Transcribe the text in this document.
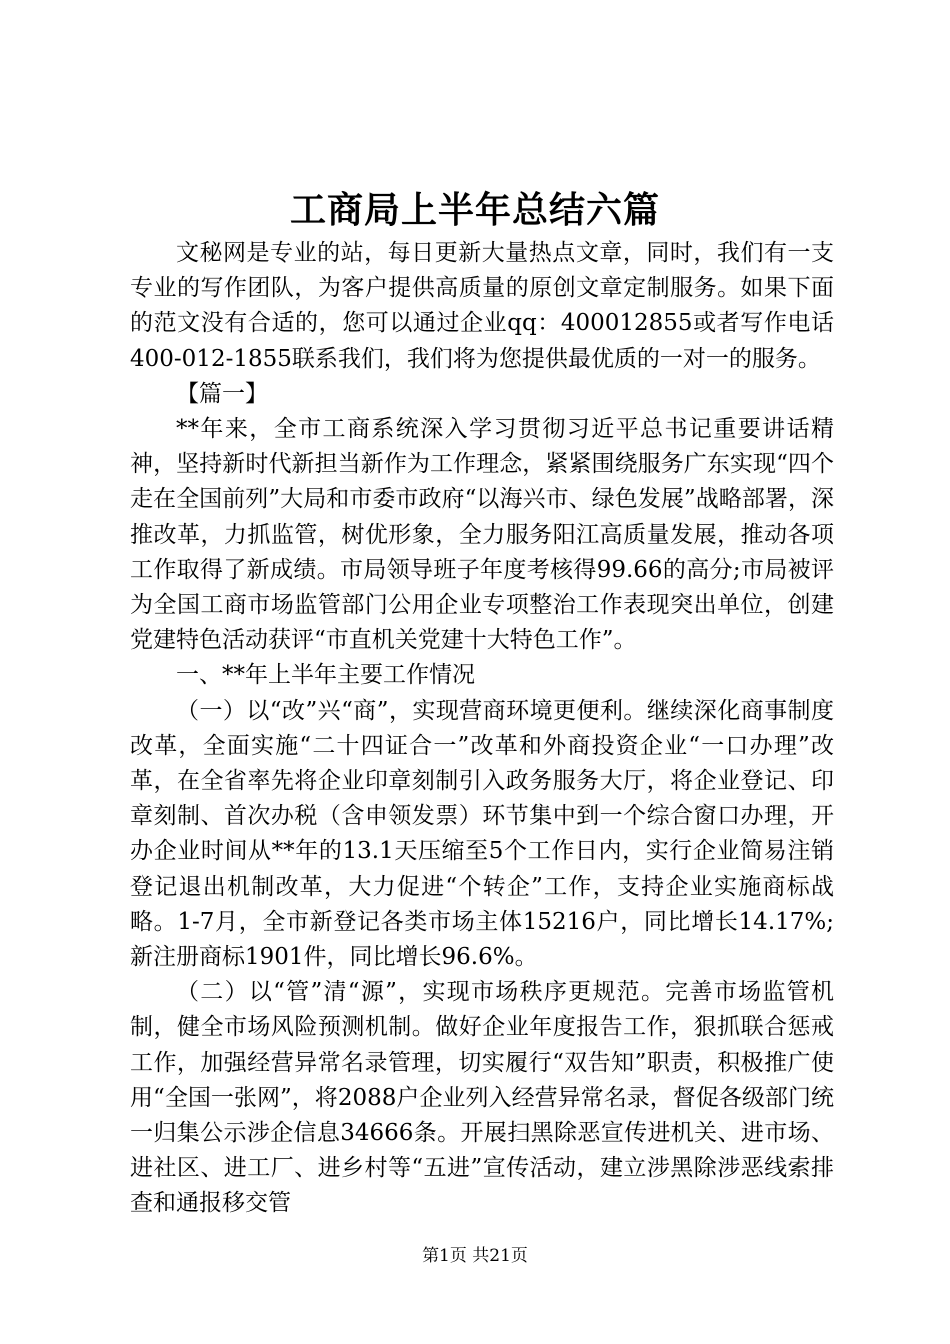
工商局上半年总结六篇

文秘网是专业的站，每日更新大量热点文章，同时，我们有一支专业的写作团队，为客户提供高质量的原创文章定制服务。如果下面的范文没有合适的，您可以通过企业qq：400012855或者写作电话400-012-1855联系我们，我们将为您提供最优质的一对一的服务。

【篇一】

**年来，全市工商系统深入学习贯彻习近平总书记重要讲话精神，坚持新时代新担当新作为工作理念，紧紧围绕服务广东实现“四个走在全国前列”大局和市委市政府“以海兴市、绿色发展”战略部署，深推改革，力抓监管，树优形象，全力服务阳江高质量发展，推动各项工作取得了新成绩。市局领导班子年度考核得99.66的高分;市局被评为全国工商市场监管部门公用企业专项整治工作表现突出单位，创建党建特色活动获评“市直机关党建十大特色工作”。

一、**年上半年主要工作情况

（一）以“改”兴“商”，实现营商环境更便利。继续深化商事制度改革，全面实施“二十四证合一”改革和外商投资企业“一口办理”改革，在全省率先将企业印章刻制引入政务服务大厅，将企业登记、印章刻制、首次办税（含申领发票）环节集中到一个综合窗口办理，开办企业时间从**年的13.1天压缩至5个工作日内，实行企业简易注销登记退出机制改革，大力促进“个转企”工作，支持企业实施商标战略。1-7月，全市新登记各类市场主体15216户，同比增长14.17%;新注册商标1901件，同比增长96.6%。

（二）以“管”清“源”，实现市场秩序更规范。完善市场监管机制，健全市场风险预测机制。做好企业年度报告工作，狠抓联合惩戒工作，加强经营异常名录管理，切实履行“双告知”职责，积极推广使用“全国一张网”，将2088户企业列入经营异常名录，督促各级部门统一归集公示涉企信息34666条。开展扫黑除恶宣传进机关、进市场、进社区、进工厂、进乡村等“五进”宣传活动，建立涉黑除涉恶线索排查和通报移交管

第1页 共21页
